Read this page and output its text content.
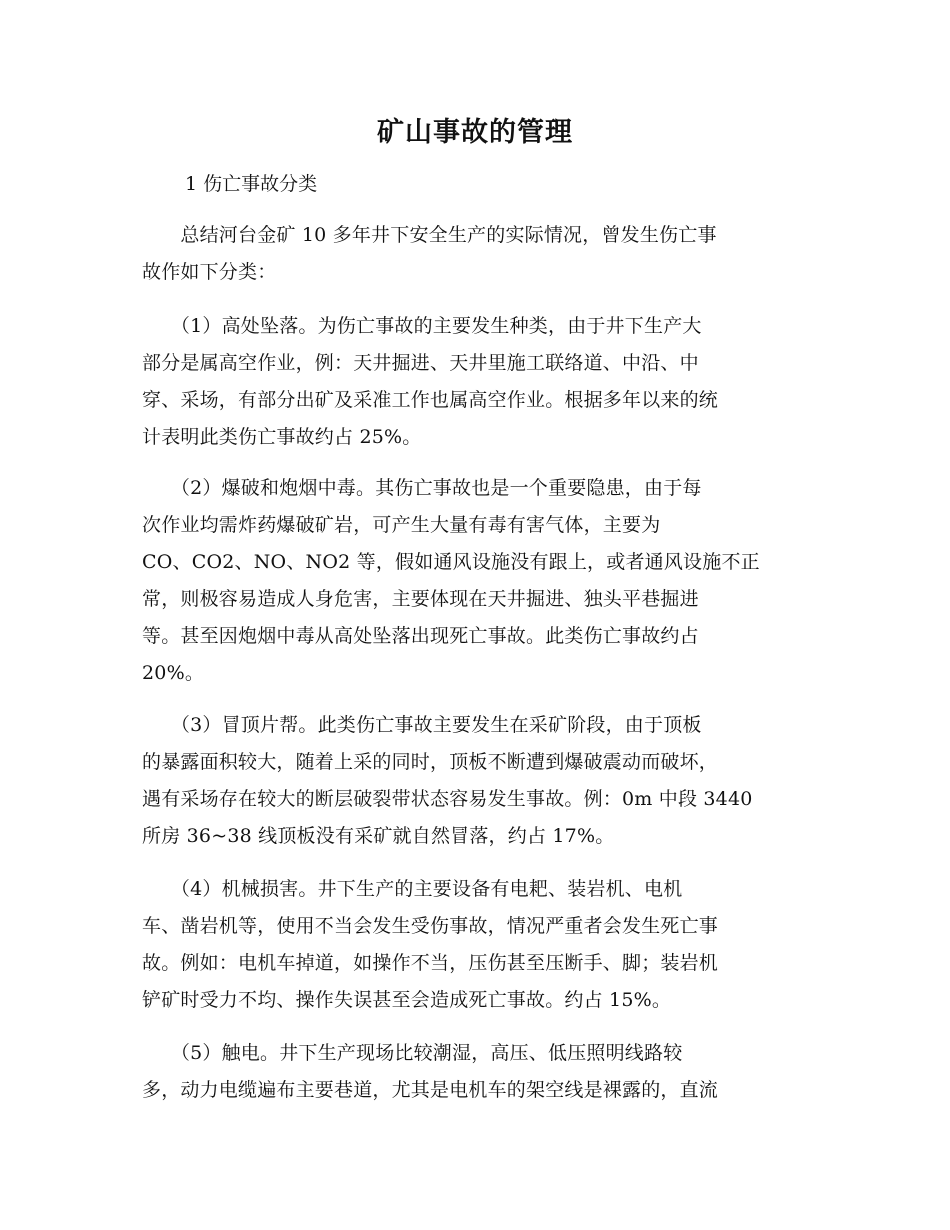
矿山事故的管理
1 伤亡事故分类
　　总结河台金矿 10 多年井下安全生产的实际情况，曾发生伤亡事
故作如下分类：
　　（1）高处坠落。为伤亡事故的主要发生种类，由于井下生产大
部分是属高空作业，例：天井掘进、天井里施工联络道、中沿、中
穿、采场，有部分出矿及采准工作也属高空作业。根据多年以来的统
计表明此类伤亡事故约占 25%。
　　（2）爆破和炮烟中毒。其伤亡事故也是一个重要隐患，由于每
次作业均需炸药爆破矿岩，可产生大量有毒有害气体，主要为
CO、CO2、NO、NO2 等，假如通风设施没有跟上，或者通风设施不正
常，则极容易造成人身危害，主要体现在天井掘进、独头平巷掘进
等。甚至因炮烟中毒从高处坠落出现死亡事故。此类伤亡事故约占
20%。
　　（3）冒顶片帮。此类伤亡事故主要发生在采矿阶段，由于顶板
的暴露面积较大，随着上采的同时，顶板不断遭到爆破震动而破坏，
遇有采场存在较大的断层破裂带状态容易发生事故。例：0m 中段 3440
所房 36~38 线顶板没有采矿就自然冒落，约占 17%。
　　（4）机械损害。井下生产的主要设备有电耙、装岩机、电机
车、凿岩机等，使用不当会发生受伤事故，情况严重者会发生死亡事
故。例如：电机车掉道，如操作不当，压伤甚至压断手、脚；装岩机
铲矿时受力不均、操作失误甚至会造成死亡事故。约占 15%。
　　（5）触电。井下生产现场比较潮湿，高压、低压照明线路较
多，动力电缆遍布主要巷道，尤其是电机车的架空线是裸露的，直流
